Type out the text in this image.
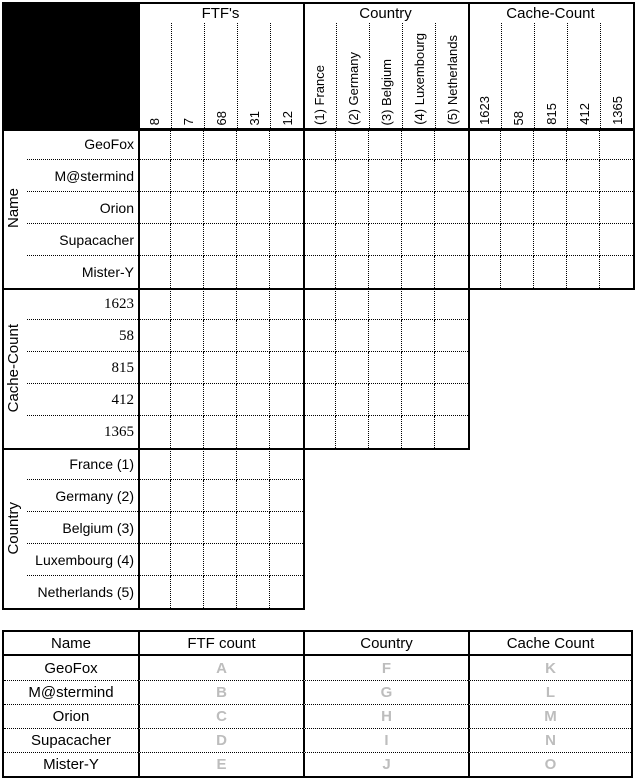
FTF's
8 7 68 31 12
Country
(1) France (2) Germany (3) Belgium (4) Luxembourg (5) Netherlands
Cache-Count
1623 58 815 412 1365
Name
GeoFox
M@stermind
Orion
Supacacher
Mister-Y
Cache-Count
1623
58
815
412
1365
Country
France (1)
Germany (2)
Belgium (3)
Luxembourg (4)
Netherlands (5)
Name	FTF count	Country	Cache Count
GeoFox	A	F	K
M@stermind	B	G	L
Orion	C	H	M
Supacacher	D	I	N
Mister-Y	E	J	O
